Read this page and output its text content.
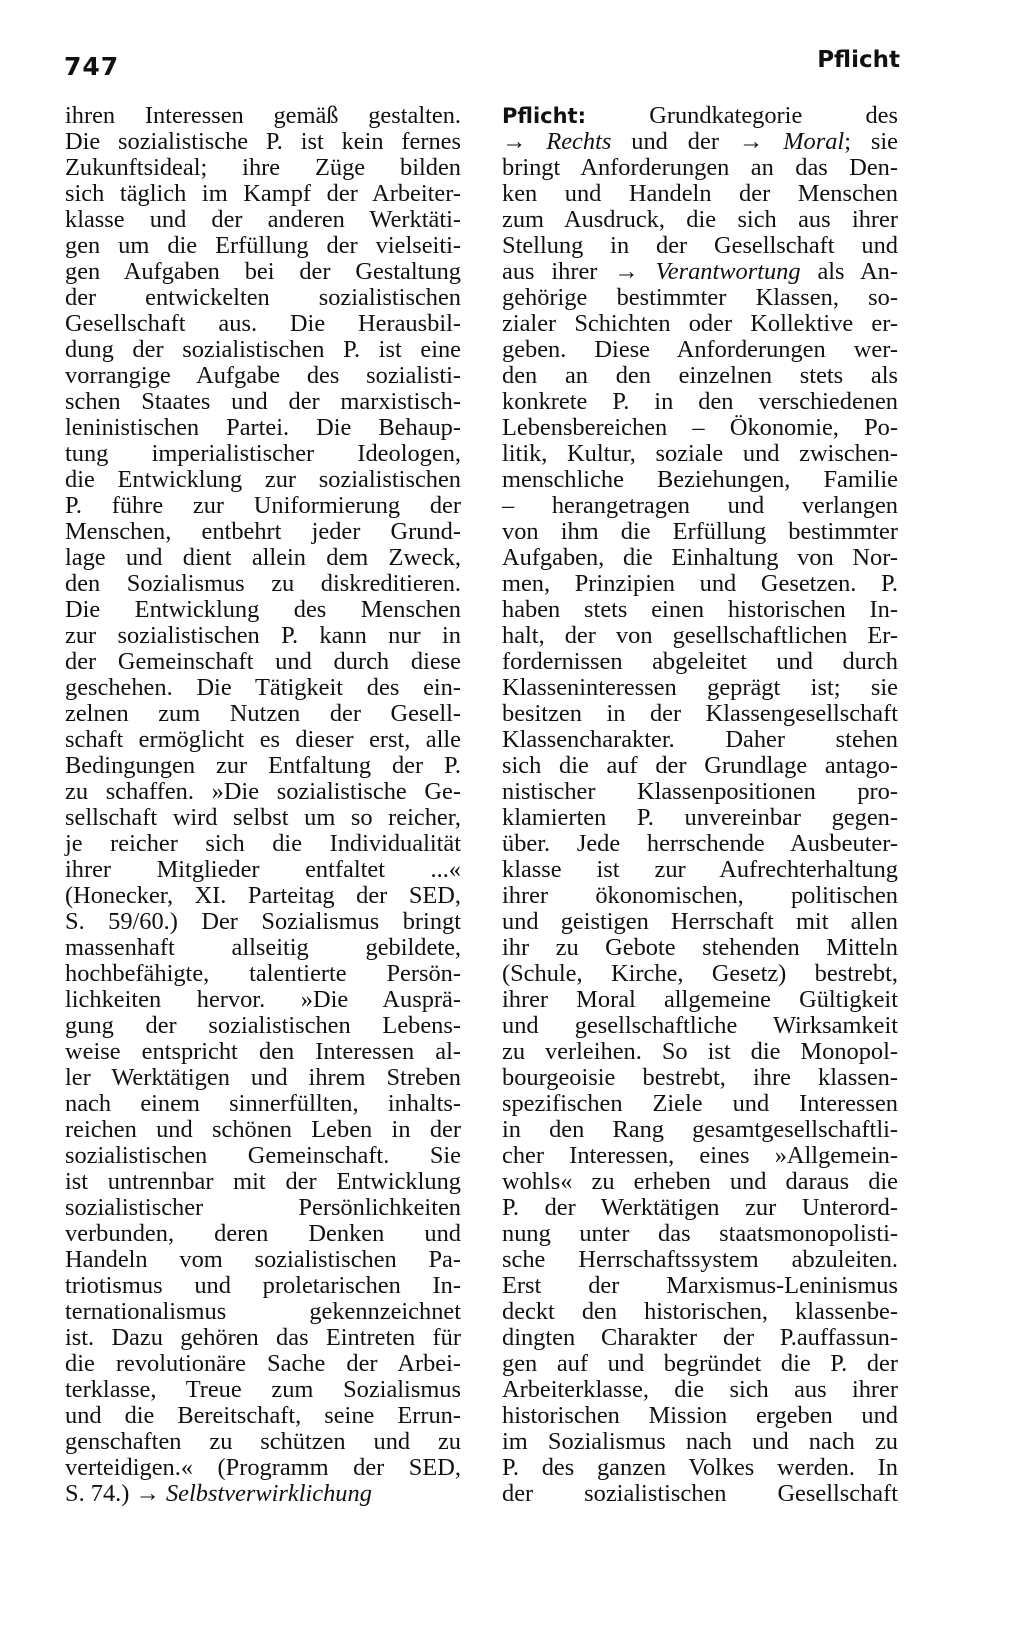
747	Pflicht
ihren Interessen gemäß gestalten.
Die sozialistische P. ist kein fernes
Zukunftsideal; ihre Züge bilden
sich täglich im Kampf der Arbeiter-
klasse und der anderen Werktäti-
gen um die Erfüllung der vielseiti-
gen Aufgaben bei der Gestaltung
der entwickelten sozialistischen
Gesellschaft aus. Die Herausbil-
dung der sozialistischen P. ist eine
vorrangige Aufgabe des sozialisti-
schen Staates und der marxistisch-
leninistischen Partei. Die Behaup-
tung imperialistischer Ideologen,
die Entwicklung zur sozialistischen
P. führe zur Uniformierung der
Menschen, entbehrt jeder Grund-
lage und dient allein dem Zweck,
den Sozialismus zu diskreditieren.
Die Entwicklung des Menschen
zur sozialistischen P. kann nur in
der Gemeinschaft und durch diese
geschehen. Die Tätigkeit des ein-
zelnen zum Nutzen der Gesell-
schaft ermöglicht es dieser erst, alle
Bedingungen zur Entfaltung der P.
zu schaffen. »Die sozialistische Ge-
sellschaft wird selbst um so reicher,
je reicher sich die Individualität
ihrer Mitglieder entfaltet ...«
(Honecker, XI. Parteitag der SED,
S. 59/60.) Der Sozialismus bringt
massenhaft allseitig gebildete,
hochbefähigte, talentierte Persön-
lichkeiten hervor. »Die Ausprä-
gung der sozialistischen Lebens-
weise entspricht den Interessen al-
ler Werktätigen und ihrem Streben
nach einem sinnerfüllten, inhalts-
reichen und schönen Leben in der
sozialistischen Gemeinschaft. Sie
ist untrennbar mit der Entwicklung
sozialistischer Persönlichkeiten
verbunden, deren Denken und
Handeln vom sozialistischen Pa-
triotismus und proletarischen In-
ternationalismus gekennzeichnet
ist. Dazu gehören das Eintreten für
die revolutionäre Sache der Arbei-
terklasse, Treue zum Sozialismus
und die Bereitschaft, seine Errun-
genschaften zu schützen und zu
verteidigen.« (Programm der SED,
S. 74.) → Selbstverwirklichung
Pflicht: Grundkategorie des
→ Rechts und der → Moral; sie
bringt Anforderungen an das Den-
ken und Handeln der Menschen
zum Ausdruck, die sich aus ihrer
Stellung in der Gesellschaft und
aus ihrer → Verantwortung als An-
gehörige bestimmter Klassen, so-
zialer Schichten oder Kollektive er-
geben. Diese Anforderungen wer-
den an den einzelnen stets als
konkrete P. in den verschiedenen
Lebensbereichen – Ökonomie, Po-
litik, Kultur, soziale und zwischen-
menschliche Beziehungen, Familie
– herangetragen und verlangen
von ihm die Erfüllung bestimmter
Aufgaben, die Einhaltung von Nor-
men, Prinzipien und Gesetzen. P.
haben stets einen historischen In-
halt, der von gesellschaftlichen Er-
fordernissen abgeleitet und durch
Klasseninteressen geprägt ist; sie
besitzen in der Klassengesellschaft
Klassencharakter. Daher stehen
sich die auf der Grundlage antago-
nistischer Klassenpositionen pro-
klamierten P. unvereinbar gegen-
über. Jede herrschende Ausbeuter-
klasse ist zur Aufrechterhaltung
ihrer ökonomischen, politischen
und geistigen Herrschaft mit allen
ihr zu Gebote stehenden Mitteln
(Schule, Kirche, Gesetz) bestrebt,
ihrer Moral allgemeine Gültigkeit
und gesellschaftliche Wirksamkeit
zu verleihen. So ist die Monopol-
bourgeoisie bestrebt, ihre klassen-
spezifischen Ziele und Interessen
in den Rang gesamtgesellschaftli-
cher Interessen, eines »Allgemein-
wohls« zu erheben und daraus die
P. der Werktätigen zur Unterord-
nung unter das staatsmonopolisti-
sche Herrschaftssystem abzuleiten.
Erst der Marxismus-Leninismus
deckt den historischen, klassenbe-
dingten Charakter der P.auffassun-
gen auf und begründet die P. der
Arbeiterklasse, die sich aus ihrer
historischen Mission ergeben und
im Sozialismus nach und nach zu
P. des ganzen Volkes werden. In
der sozialistischen Gesellschaft
